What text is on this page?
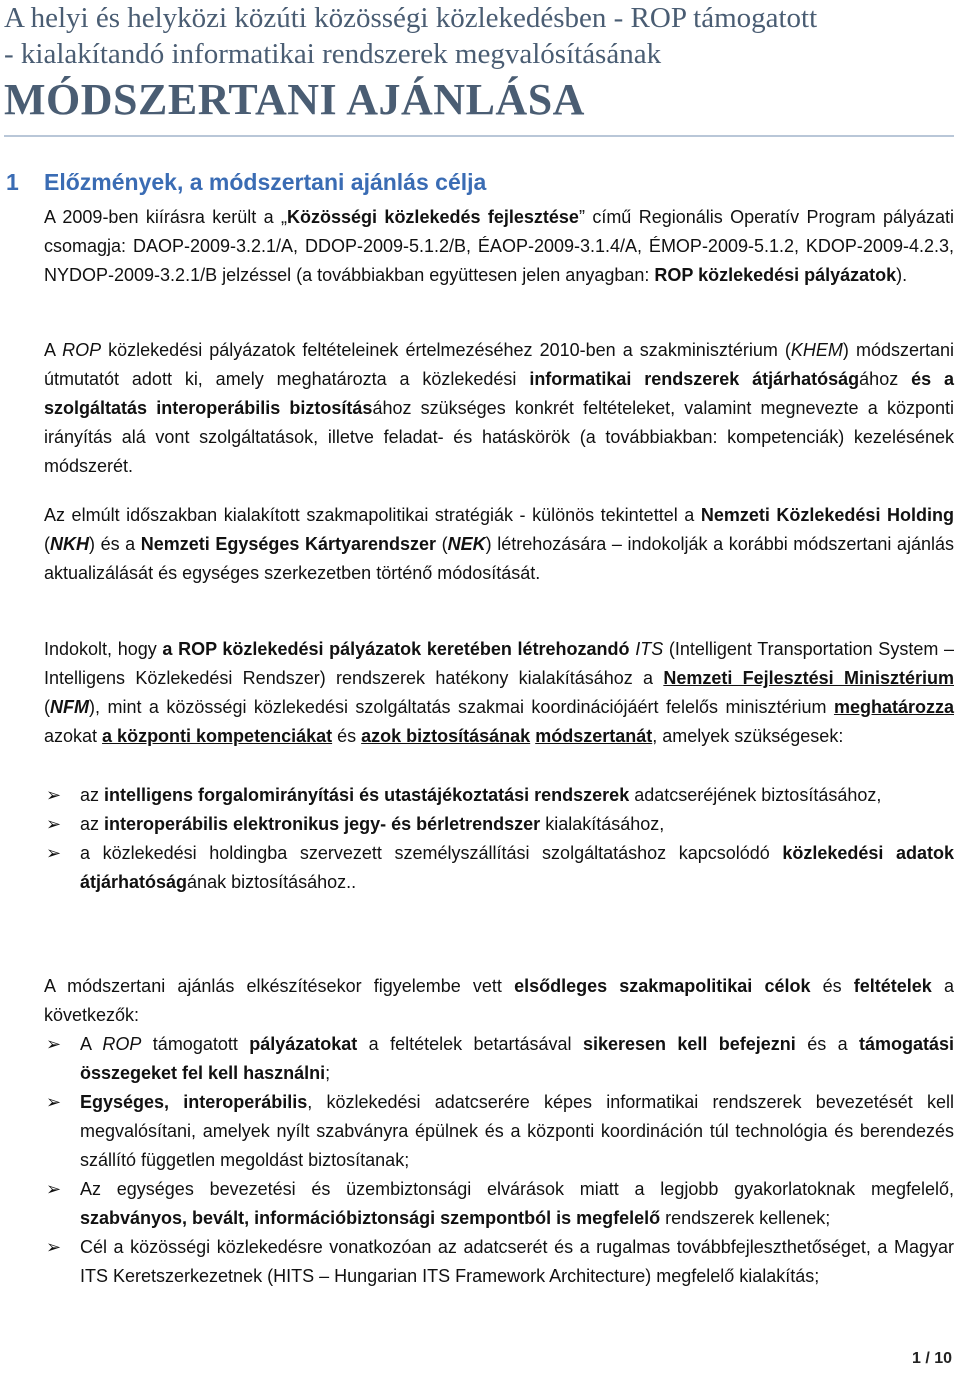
A helyi és helyközi közúti közösségi közlekedésben - ROP támogatott
- kialakítandó informatikai rendszerek megvalósításának
MÓDSZERTANI AJÁNLÁSA
1 Előzmények, a módszertani ajánlás célja
A 2009-ben kiírásra került a „Közösségi közlekedés fejlesztése” című Regionális Operatív Program pályázati csomagja: DAOP-2009-3.2.1/A, DDOP-2009-5.1.2/B, ÉAOP-2009-3.1.4/A, ÉMOP-2009-5.1.2, KDOP-2009-4.2.3, NYDOP-2009-3.2.1/B jelzéssel (a továbbiakban együttesen jelen anyagban: ROP közlekedési pályázatok).
A ROP közlekedési pályázatok feltételeinek értelmezéséhez 2010-ben a szakminisztérium (KHEM) módszertani útmutatót adott ki, amely meghatározta a közlekedési informatikai rendszerek átjárhatóságához és a szolgáltatás interoperábilis biztosításához szükséges konkrét feltételeket, valamint megnevezte a központi irányítás alá vont szolgáltatások, illetve feladat- és hatáskörök (a továbbiakban: kompetenciák) kezelésének módszerét.
Az elmúlt időszakban kialakított szakmapolitikai stratégiák - különös tekintettel a Nemzeti Közlekedési Holding (NKH) és a Nemzeti Egységes Kártyarendszer (NEK) létrehozására – indokolják a korábbi módszertani ajánlás aktualizálását és egységes szerkezetben történő módosítását.
Indokolt, hogy a ROP közlekedési pályázatok keretében létrehozandó ITS (Intelligent Transportation System – Intelligens Közlekedési Rendszer) rendszerek hatékony kialakításához a Nemzeti Fejlesztési Minisztérium (NFM), mint a közösségi közlekedési szolgáltatás szakmai koordinációjáért felelős minisztérium meghatározza azokat a központi kompetenciákat és azok biztosításának módszertanát, amelyek szükségesek:
➢ az intelligens forgalomirányítási és utastájékoztatási rendszerek adatcseréjének biztosításához,
➢ az interoperábilis elektronikus jegy- és bérletrendszer kialakításához,
➢ a közlekedési holdingba szervezett személyszállítási szolgáltatáshoz kapcsolódó közlekedési adatok átjárhatóságának biztosításához..
A módszertani ajánlás elkészítésekor figyelembe vett elsődleges szakmapolitikai célok és feltételek a következők:
➢ A ROP támogatott pályázatokat a feltételek betartásával sikeresen kell befejezni és a támogatási összegeket fel kell használni;
➢ Egységes, interoperábilis, közlekedési adatcserére képes informatikai rendszerek bevezetését kell megvalósítani, amelyek nyílt szabványra épülnek és a központi koordináción túl technológia és berendezés szállító független megoldást biztosítanak;
➢ Az egységes bevezetési és üzembiztonsági elvárások miatt a legjobb gyakorlatoknak megfelelő, szabványos, bevált, információbiztonsági szempontból is megfelelő rendszerek kellenek;
➢ Cél a közösségi közlekedésre vonatkozóan az adatcserét és a rugalmas továbbfejleszthetőséget, a Magyar ITS Keretszerkezetnek (HITS – Hungarian ITS Framework Architecture) megfelelő kialakítás;
1 / 10
